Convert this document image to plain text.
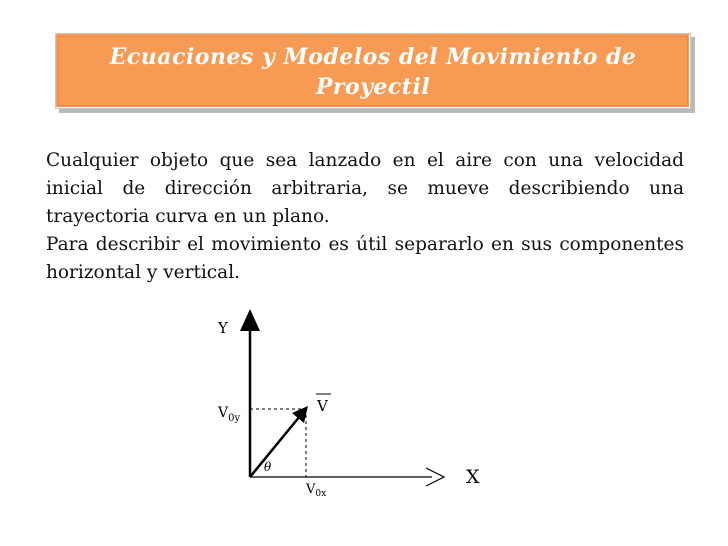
Ecuaciones y Modelos del Movimiento de Proyectil

Cualquier objeto que sea lanzado en el aire con una velocidad inicial de dirección arbitraria, se mueve describiendo una trayectoria curva en un plano.

Para describir el movimiento es útil separarlo en sus componentes horizontal y vertical.

Y
X
V
$V_{0y}$
$V_{0x}$
θ
